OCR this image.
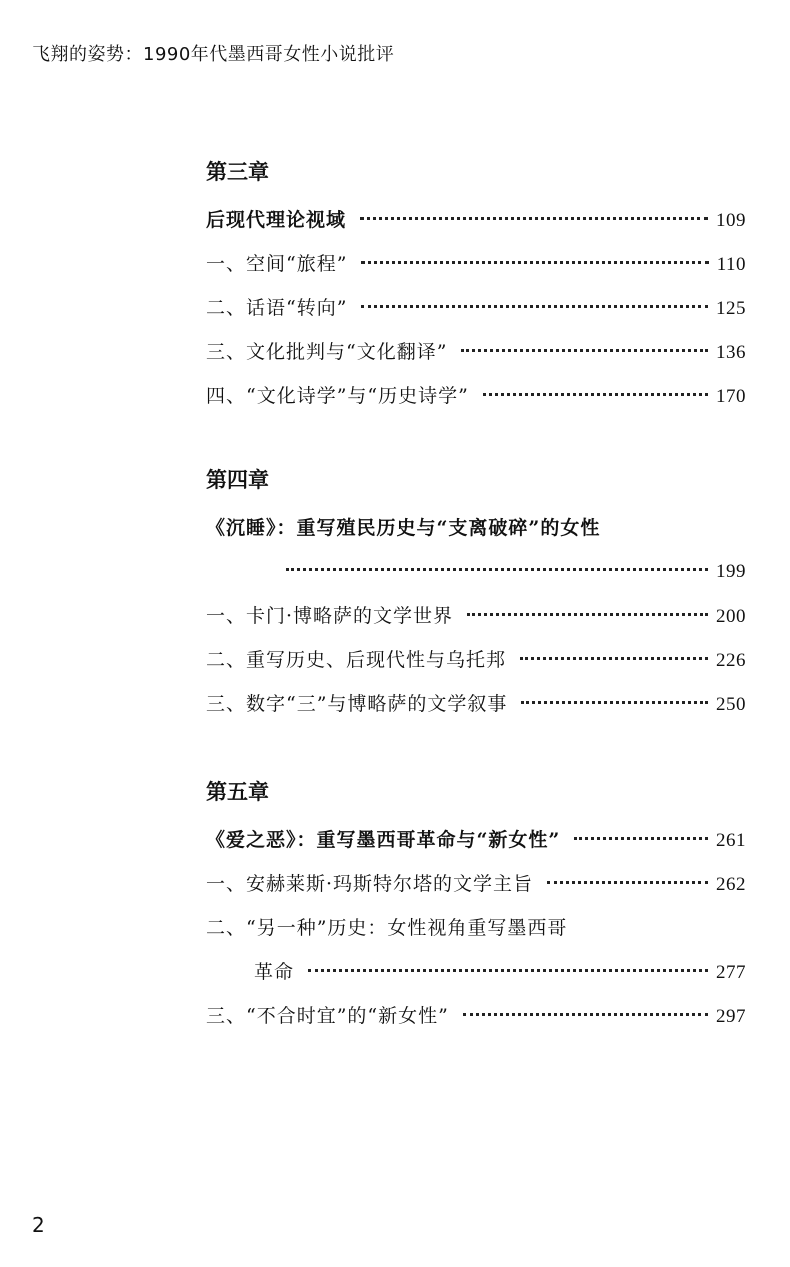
飞翔的姿势：1990年代墨西哥女性小说批评
第三章
后现代理论视域	109
一、空间“旅程”	110
二、话语“转向”	125
三、文化批判与“文化翻译”	136
四、“文化诗学”与“历史诗学”	170
第四章
《沉睡》：重写殖民历史与“支离破碎”的女性
199
一、卡门·博略萨的文学世界	200
二、重写历史、后现代性与乌托邦	226
三、数字“三”与博略萨的文学叙事	250
第五章
《爱之恶》：重写墨西哥革命与“新女性”	261
一、安赫莱斯·玛斯特尔塔的文学主旨	262
二、“另一种”历史：女性视角重写墨西哥
革命	277
三、“不合时宜”的“新女性”	297
2
